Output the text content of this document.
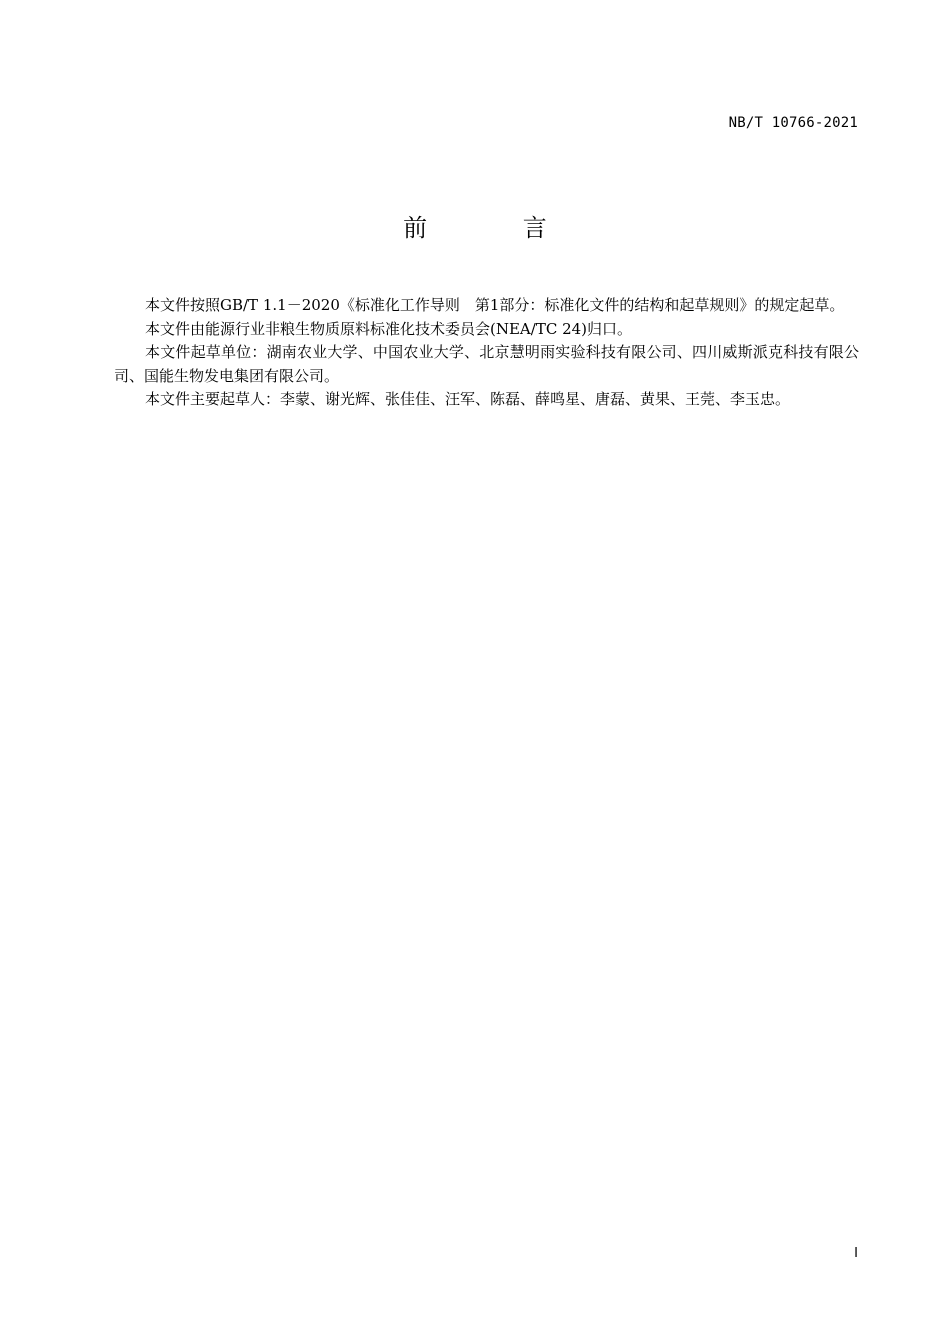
NB/T 10766-2021
前 言

本文件按照GB/T 1.1－2020《标准化工作导则　第1部分：标准化文件的结构和起草规则》的规定起草。

本文件由能源行业非粮生物质原料标准化技术委员会(NEA/TC 24)归口。

本文件起草单位：湖南农业大学、中国农业大学、北京慧明雨实验科技有限公司、四川威斯派克科技有限公司、国能生物发电集团有限公司。

本文件主要起草人：李蒙、谢光辉、张佳佳、汪军、陈磊、薛鸣星、唐磊、黄果、王莞、李玉忠。

I
